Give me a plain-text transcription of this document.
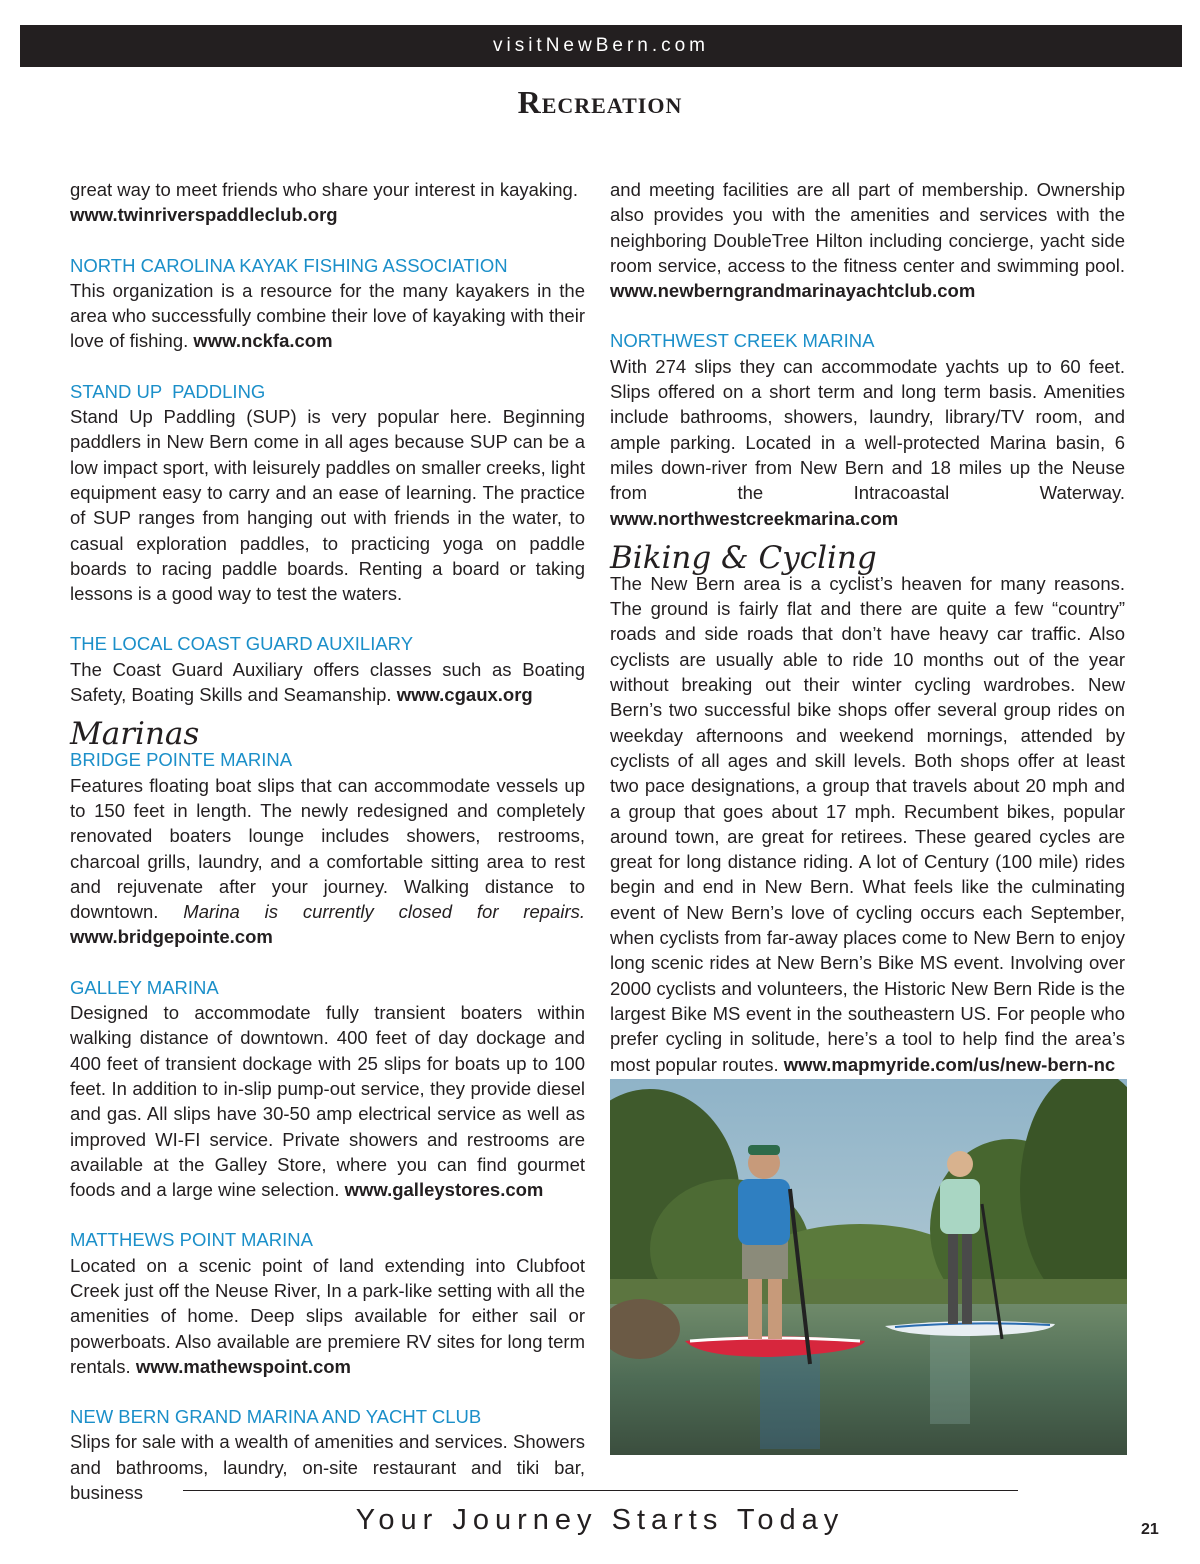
visitNewBern.com
Recreation

great way to meet friends who share your interest in kayaking.
www.twinriverspaddleclub.org

NORTH CAROLINA KAYAK FISHING ASSOCIATION

This organization is a resource for the many kayakers in the area who successfully combine their love of kayaking with their love of fishing. www.nckfa.com

STAND UP  PADDLING

Stand Up Paddling (SUP) is very popular here. Beginning paddlers in New Bern come in all ages because SUP can be a low impact sport, with leisurely paddles on smaller creeks, light equipment easy to carry and an ease of learning. The practice of SUP ranges from hanging out with friends in the water, to casual exploration paddles, to practicing yoga on paddle boards to racing paddle boards. Renting a board or taking lessons is a good way to test the waters.

THE LOCAL COAST GUARD AUXILIARY

The Coast Guard Auxiliary offers classes such as Boating Safety, Boating Skills and Seamanship. www.cgaux.org

Marinas
BRIDGE POINTE MARINA

Features floating boat slips that can accommodate vessels up to 150 feet in length. The newly redesigned and completely renovated boaters lounge includes showers, restrooms, charcoal grills, laundry, and a comfortable sitting area to rest and rejuvenate after your journey. Walking distance to downtown. Marina is currently closed for repairs. www.bridgepointe.com

GALLEY MARINA

Designed to accommodate fully transient boaters within walking distance of downtown. 400 feet of day dockage and 400 feet of transient dockage with 25 slips for boats up to 100 feet. In addition to in-slip pump-out service, they provide diesel and gas. All slips have 30-50 amp electrical service as well as improved WI-FI service. Private showers and restrooms are available at the Galley Store, where you can find gourmet foods and a large wine selection. www.galleystores.com

MATTHEWS POINT MARINA

Located on a scenic point of land extending into Clubfoot Creek just off the Neuse River, In a park-like setting with all the amenities of home. Deep slips available for either sail or powerboats. Also available are premiere RV sites for long term rentals. www.mathewspoint.com

NEW BERN GRAND MARINA AND YACHT CLUB

Slips for sale with a wealth of amenities and services. Showers and bathrooms, laundry, on-site restaurant and tiki bar, business

and meeting facilities are all part of membership. Ownership also provides you with the amenities and services with the neighboring DoubleTree Hilton including concierge, yacht side room service, access to the fitness center and swimming pool. www.newberngrandmarinayachtclub.com

NORTHWEST CREEK MARINA

With 274 slips they can accommodate yachts up to 60 feet. Slips offered on a short term and long term basis. Amenities include bathrooms, showers, laundry, library/TV room, and ample parking. Located in a well-protected Marina basin, 6 miles down-river from New Bern and 18 miles up the Neuse from the Intracoastal Waterway. www.northwestcreekmarina.com

Biking & Cycling

The New Bern area is a cyclist’s heaven for many reasons. The ground is fairly flat and there are quite a few “country” roads and side roads that don’t have heavy car traffic. Also cyclists are usually able to ride 10 months out of the year without breaking out their winter cycling wardrobes. New Bern’s two successful bike shops offer several group rides on weekday afternoons and weekend mornings, attended by cyclists of all ages and skill levels. Both shops offer at least two pace designations, a group that travels about 20 mph and a group that goes about 17 mph. Recumbent bikes, popular around town, are great for retirees. These geared cycles are great for long distance riding. A lot of Century (100 mile) rides begin and end in New Bern. What feels like the culminating event of New Bern’s love of cycling occurs each September, when cyclists from far-away places come to New Bern to enjoy long scenic rides at New Bern’s Bike MS event. Involving over 2000 cyclists and volunteers, the Historic New Bern Ride is the largest Bike MS event in the southeastern US. For people who prefer cycling in solitude, here’s a tool to help find the area’s most popular routes. www.mapmyride.com/us/new-bern-nc

Your Journey Starts Today	21
